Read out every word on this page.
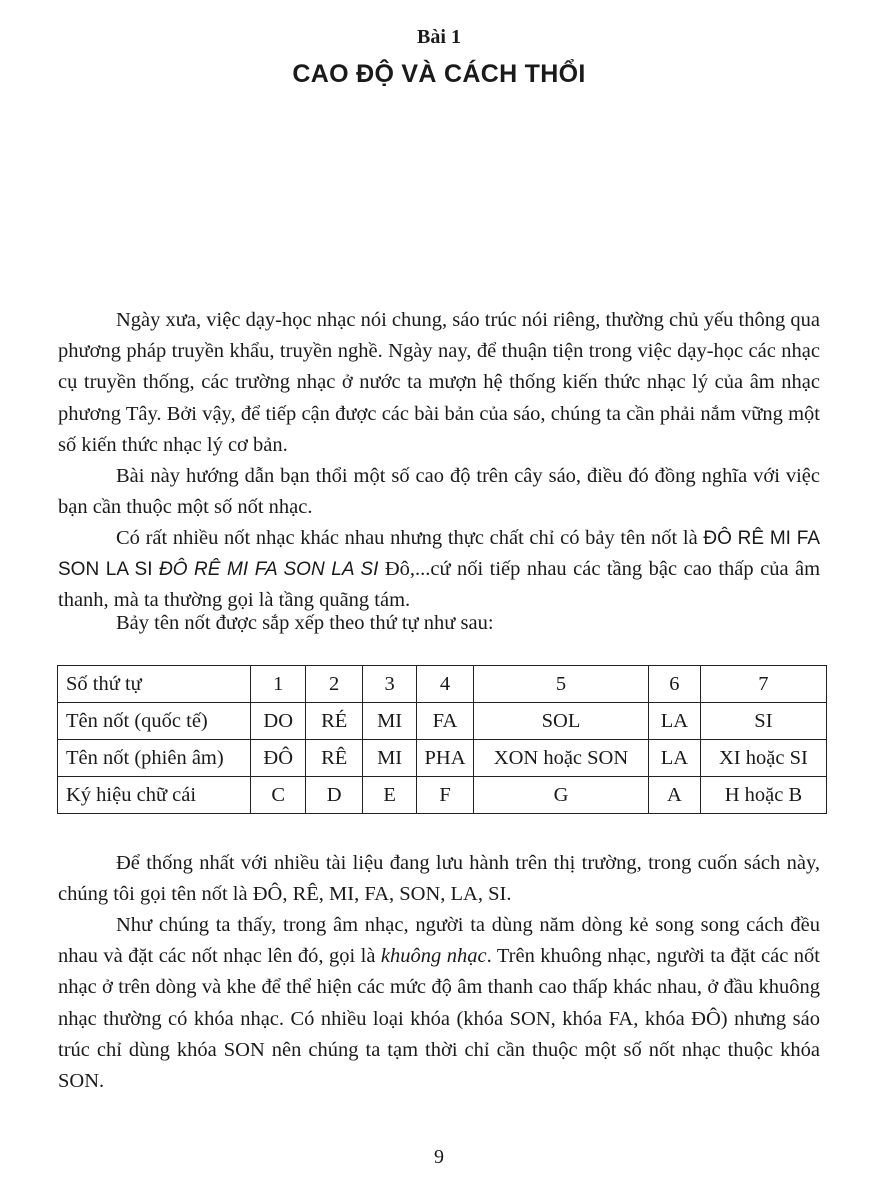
Bài 1
CAO ĐỘ VÀ CÁCH THỔI

Ngày xưa, việc dạy-học nhạc nói chung, sáo trúc nói riêng, thường chủ yếu thông qua phương pháp truyền khẩu, truyền nghề. Ngày nay, để thuận tiện trong việc dạy-học các nhạc cụ truyền thống, các trường nhạc ở nước ta mượn hệ thống kiến thức nhạc lý của âm nhạc phương Tây. Bởi vậy, để tiếp cận được các bài bản của sáo, chúng ta cần phải nắm vững một số kiến thức nhạc lý cơ bản.

Bài này hướng dẫn bạn thổi một số cao độ trên cây sáo, điều đó đồng nghĩa với việc bạn cần thuộc một số nốt nhạc.

Có rất nhiều nốt nhạc khác nhau nhưng thực chất chỉ có bảy tên nốt là ĐÔ RÊ MI FA SON LA SI ĐÔ RÊ MI FA SON LA SI Đô,...cứ nối tiếp nhau các tầng bậc cao thấp của âm thanh, mà ta thường gọi là tầng quãng tám.

Bảy tên nốt được sắp xếp theo thứ tự như sau:

Số thứ tự	1	2	3	4	5	6	7
Tên nốt (quốc tế)	DO	RÉ	MI	FA	SOL	LA	SI
Tên nốt (phiên âm)	ĐÔ	RÊ	MI	PHA	XON hoặc SON	LA	XI hoặc SI
Ký hiệu chữ cái	C	D	E	F	G	A	H hoặc B

Để thống nhất với nhiều tài liệu đang lưu hành trên thị trường, trong cuốn sách này, chúng tôi gọi tên nốt là ĐÔ, RÊ, MI, FA, SON, LA, SI.

Như chúng ta thấy, trong âm nhạc, người ta dùng năm dòng kẻ song song cách đều nhau và đặt các nốt nhạc lên đó, gọi là khuông nhạc. Trên khuông nhạc, người ta đặt các nốt nhạc ở trên dòng và khe để thể hiện các mức độ âm thanh cao thấp khác nhau, ở đầu khuông nhạc thường có khóa nhạc. Có nhiều loại khóa (khóa SON, khóa FA, khóa ĐÔ) nhưng sáo trúc chỉ dùng khóa SON nên chúng ta tạm thời chỉ cần thuộc một số nốt nhạc thuộc khóa SON.

9
